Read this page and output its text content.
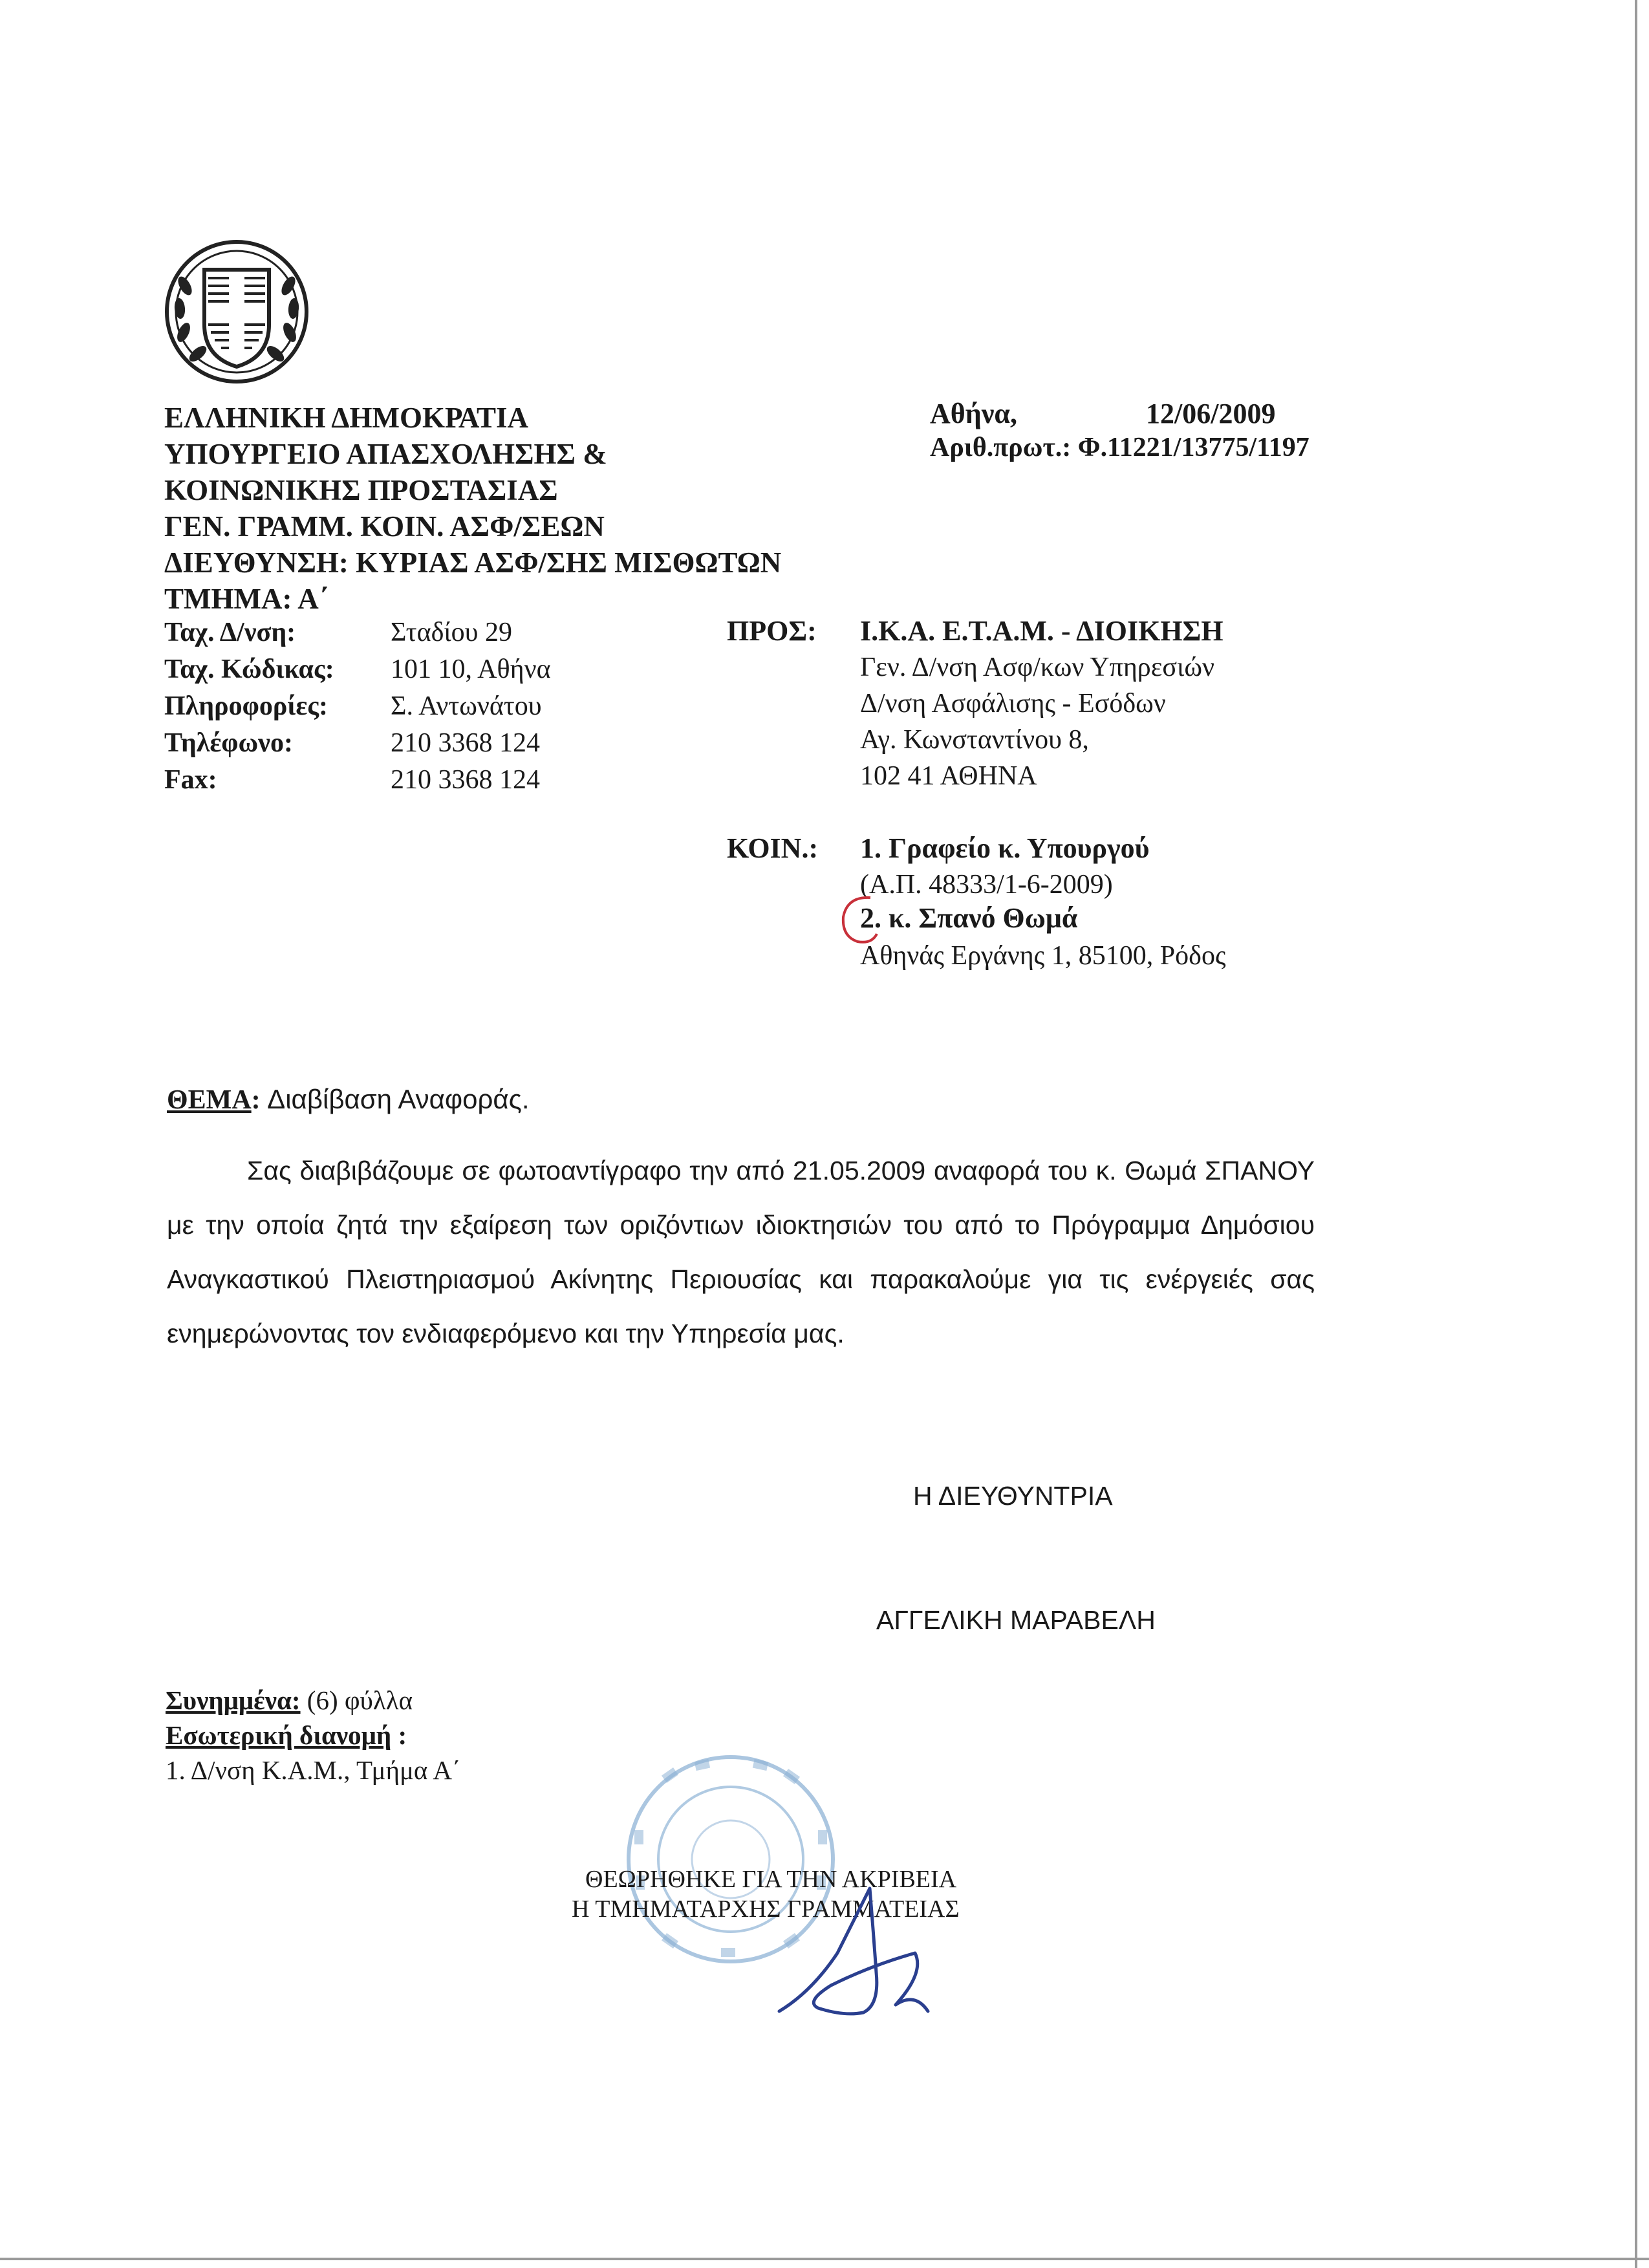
ΕΛΛΗΝΙΚΗ ΔΗΜΟΚΡΑΤΙΑ
ΥΠΟΥΡΓΕΙΟ ΑΠΑΣΧΟΛΗΣΗΣ &
ΚΟΙΝΩΝΙΚΗΣ ΠΡΟΣΤΑΣΙΑΣ
ΓΕΝ. ΓΡΑΜΜ. ΚΟΙΝ. ΑΣΦ/ΣΕΩΝ
ΔΙΕΥΘΥΝΣΗ: ΚΥΡΙΑΣ ΑΣΦ/ΣΗΣ ΜΙΣΘΩΤΩΝ
ΤΜΗΜΑ: Α΄
Ταχ. Δ/νση:	Σταδίου 29
Ταχ. Κώδικας: 101 10, Αθήνα
Πληροφορίες: Σ. Αντωνάτου
Τηλέφωνο:	210 3368 124
Fax:	210 3368 124
Αθήνα,	12/06/2009
Αριθ.πρωτ.: Φ.11221/13775/1197
ΠΡΟΣ: Ι.Κ.Α. Ε.Τ.Α.Μ. - ΔΙΟΙΚΗΣΗ
Γεν. Δ/νση Ασφ/κων Υπηρεσιών
Δ/νση Ασφάλισης - Εσόδων
Αγ. Κωνσταντίνου 8,
102 41 ΑΘΗΝΑ
ΚΟΙΝ.: 1. Γραφείο κ. Υπουργού
(Α.Π. 48333/1-6-2009)
2. κ. Σπανό Θωμά
Αθηνάς Εργάνης 1, 85100, Ρόδος
ΘΕΜΑ: Διαβίβαση Αναφοράς.
Σας διαβιβάζουμε σε φωτοαντίγραφο την από 21.05.2009 αναφορά του κ. Θωμά ΣΠΑΝΟΥ με την οποία ζητά την εξαίρεση των οριζόντιων ιδιοκτησιών του από το Πρόγραμμα Δημόσιου Αναγκαστικού Πλειστηριασμού Ακίνητης Περιουσίας και παρακαλούμε για τις ενέργειές σας ενημερώνοντας τον ενδιαφερόμενο και την Υπηρεσία μας.
Η ΔΙΕΥΘΥΝΤΡΙΑ
ΑΓΓΕΛΙΚΗ ΜΑΡΑΒΕΛΗ
Συνημμένα: (6) φύλλα
Εσωτερική διανομή :
1. Δ/νση Κ.Α.Μ., Τμήμα Α΄
ΘΕΩΡΗΘΗΚΕ ΓΙΑ ΤΗΝ ΑΚΡΙΒΕΙΑ
Η ΤΜΗΜΑΤΑΡΧΗΣ ΓΡΑΜΜΑΤΕΙΑΣ
